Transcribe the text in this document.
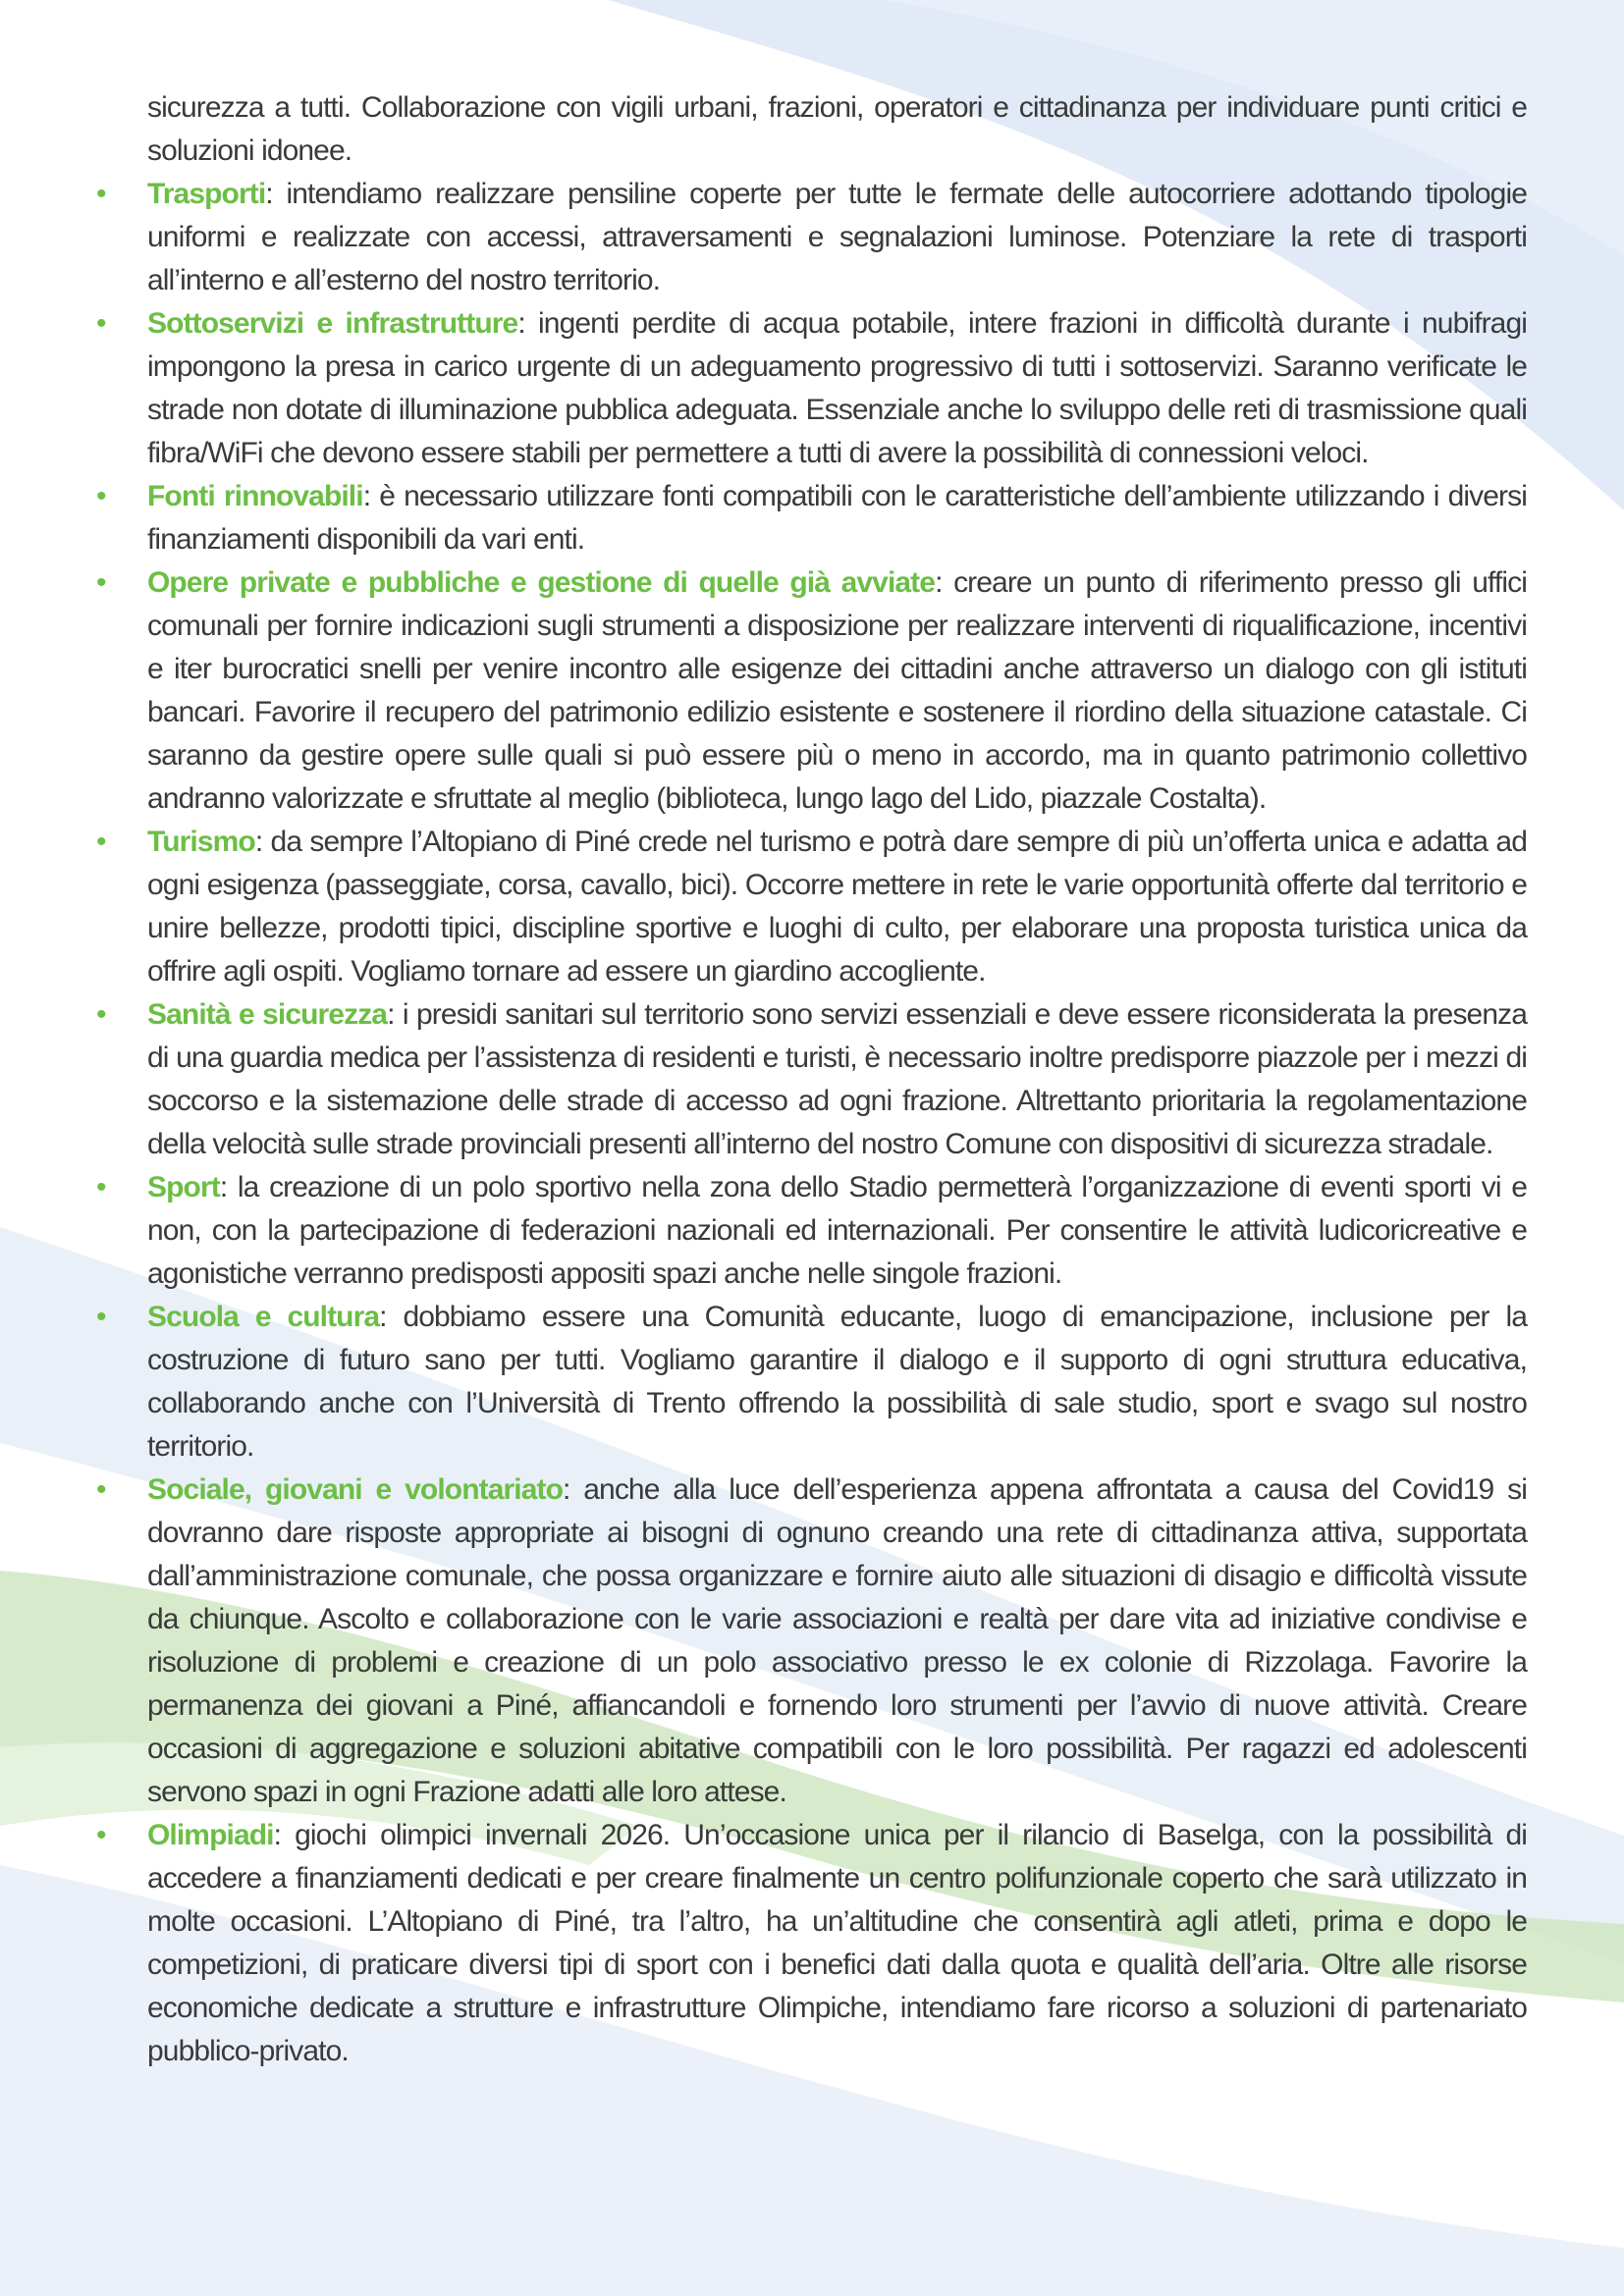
sicurezza a tutti. Collaborazione con vigili urbani, frazioni, operatori e cittadinanza per individuare punti critici e soluzioni idonee.

• Trasporti: intendiamo realizzare pensiline coperte per tutte le fermate delle autocorriere adottando tipologie uniformi e realizzate con accessi, attraversamenti e segnalazioni luminose. Potenziare la rete di trasporti all’interno e all’esterno del nostro territorio.
• Sottoservizi e infrastrutture: ingenti perdite di acqua potabile, intere frazioni in difficoltà durante i nubifragi impongono la presa in carico urgente di un adeguamento progressivo di tutti i sottoservizi. Saranno verificate le strade non dotate di illuminazione pubblica adeguata. Essenziale anche lo sviluppo delle reti di trasmissione quali fibra/WiFi che devono essere stabili per permettere a tutti di avere la possibilità di connessioni veloci.
• Fonti rinnovabili: è necessario utilizzare fonti compatibili con le caratteristiche dell’ambiente utilizzando i diversi finanziamenti disponibili da vari enti.
• Opere private e pubbliche e gestione di quelle già avviate: creare un punto di riferimento presso gli uffici comunali per fornire indicazioni sugli strumenti a disposizione per realizzare interventi di riqualificazione, incentivi e iter burocratici snelli per venire incontro alle esigenze dei cittadini anche attraverso un dialogo con gli istituti bancari. Favorire il recupero del patrimonio edilizio esistente e sostenere il riordino della situazione catastale. Ci saranno da gestire opere sulle quali si può essere più o meno in accordo, ma in quanto patrimonio collettivo andranno valorizzate e sfruttate al meglio (biblioteca, lungo lago del Lido, piazzale Costalta).
• Turismo: da sempre l’Altopiano di Piné crede nel turismo e potrà dare sempre di più un’offerta unica e adatta ad ogni esigenza (passeggiate, corsa, cavallo, bici). Occorre mettere in rete le varie opportunità offerte dal territorio e unire bellezze, prodotti tipici, discipline sportive e luoghi di culto, per elaborare una proposta turistica unica da offrire agli ospiti. Vogliamo tornare ad essere un giardino accogliente.
• Sanità e sicurezza: i presidi sanitari sul territorio sono servizi essenziali e deve essere riconsiderata la presenza di una guardia medica per l’assistenza di residenti e turisti, è necessario inoltre predisporre piazzole per i mezzi di soccorso e la sistemazione delle strade di accesso ad ogni frazione. Altrettanto prioritaria la regolamentazione della velocità sulle strade provinciali presenti all’interno del nostro Comune con dispositivi di sicurezza stradale.
• Sport: la creazione di un polo sportivo nella zona dello Stadio permetterà l’organizzazione di eventi sporti vi e non, con la partecipazione di federazioni nazionali ed internazionali. Per consentire le attività ludicoricreative e agonistiche verranno predisposti appositi spazi anche nelle singole frazioni.
• Scuola e cultura: dobbiamo essere una Comunità educante, luogo di emancipazione, inclusione per la costruzione di futuro sano per tutti. Vogliamo garantire il dialogo e il supporto di ogni struttura educativa, collaborando anche con l’Università di Trento offrendo la possibilità di sale studio, sport e svago sul nostro territorio.
• Sociale, giovani e volontariato: anche alla luce dell’esperienza appena affrontata a causa del Covid19 si dovranno dare risposte appropriate ai bisogni di ognuno creando una rete di cittadinanza attiva, supportata dall’amministrazione comunale, che possa organizzare e fornire aiuto alle situazioni di disagio e difficoltà vissute da chiunque. Ascolto e collaborazione con le varie associazioni e realtà per dare vita ad iniziative condivise e risoluzione di problemi e creazione di un polo associativo presso le ex colonie di Rizzolaga. Favorire la permanenza dei giovani a Piné, affiancandoli e fornendo loro strumenti per l’avvio di nuove attività. Creare occasioni di aggregazione e soluzioni abitative compatibili con le loro possibilità. Per ragazzi ed adolescenti servono spazi in ogni Frazione adatti alle loro attese.
• Olimpiadi: giochi olimpici invernali 2026. Un’occasione unica per il rilancio di Baselga, con la possibilità di accedere a finanziamenti dedicati e per creare finalmente un centro polifunzionale coperto che sarà utilizzato in molte occasioni. L’Altopiano di Piné, tra l’altro, ha un’altitudine che consentirà agli atleti, prima e dopo le competizioni, di praticare diversi tipi di sport con i benefici dati dalla quota e qualità dell’aria. Oltre alle risorse economiche dedicate a strutture e infrastrutture Olimpiche, intendiamo fare ricorso a soluzioni di partenariato pubblico-privato.
